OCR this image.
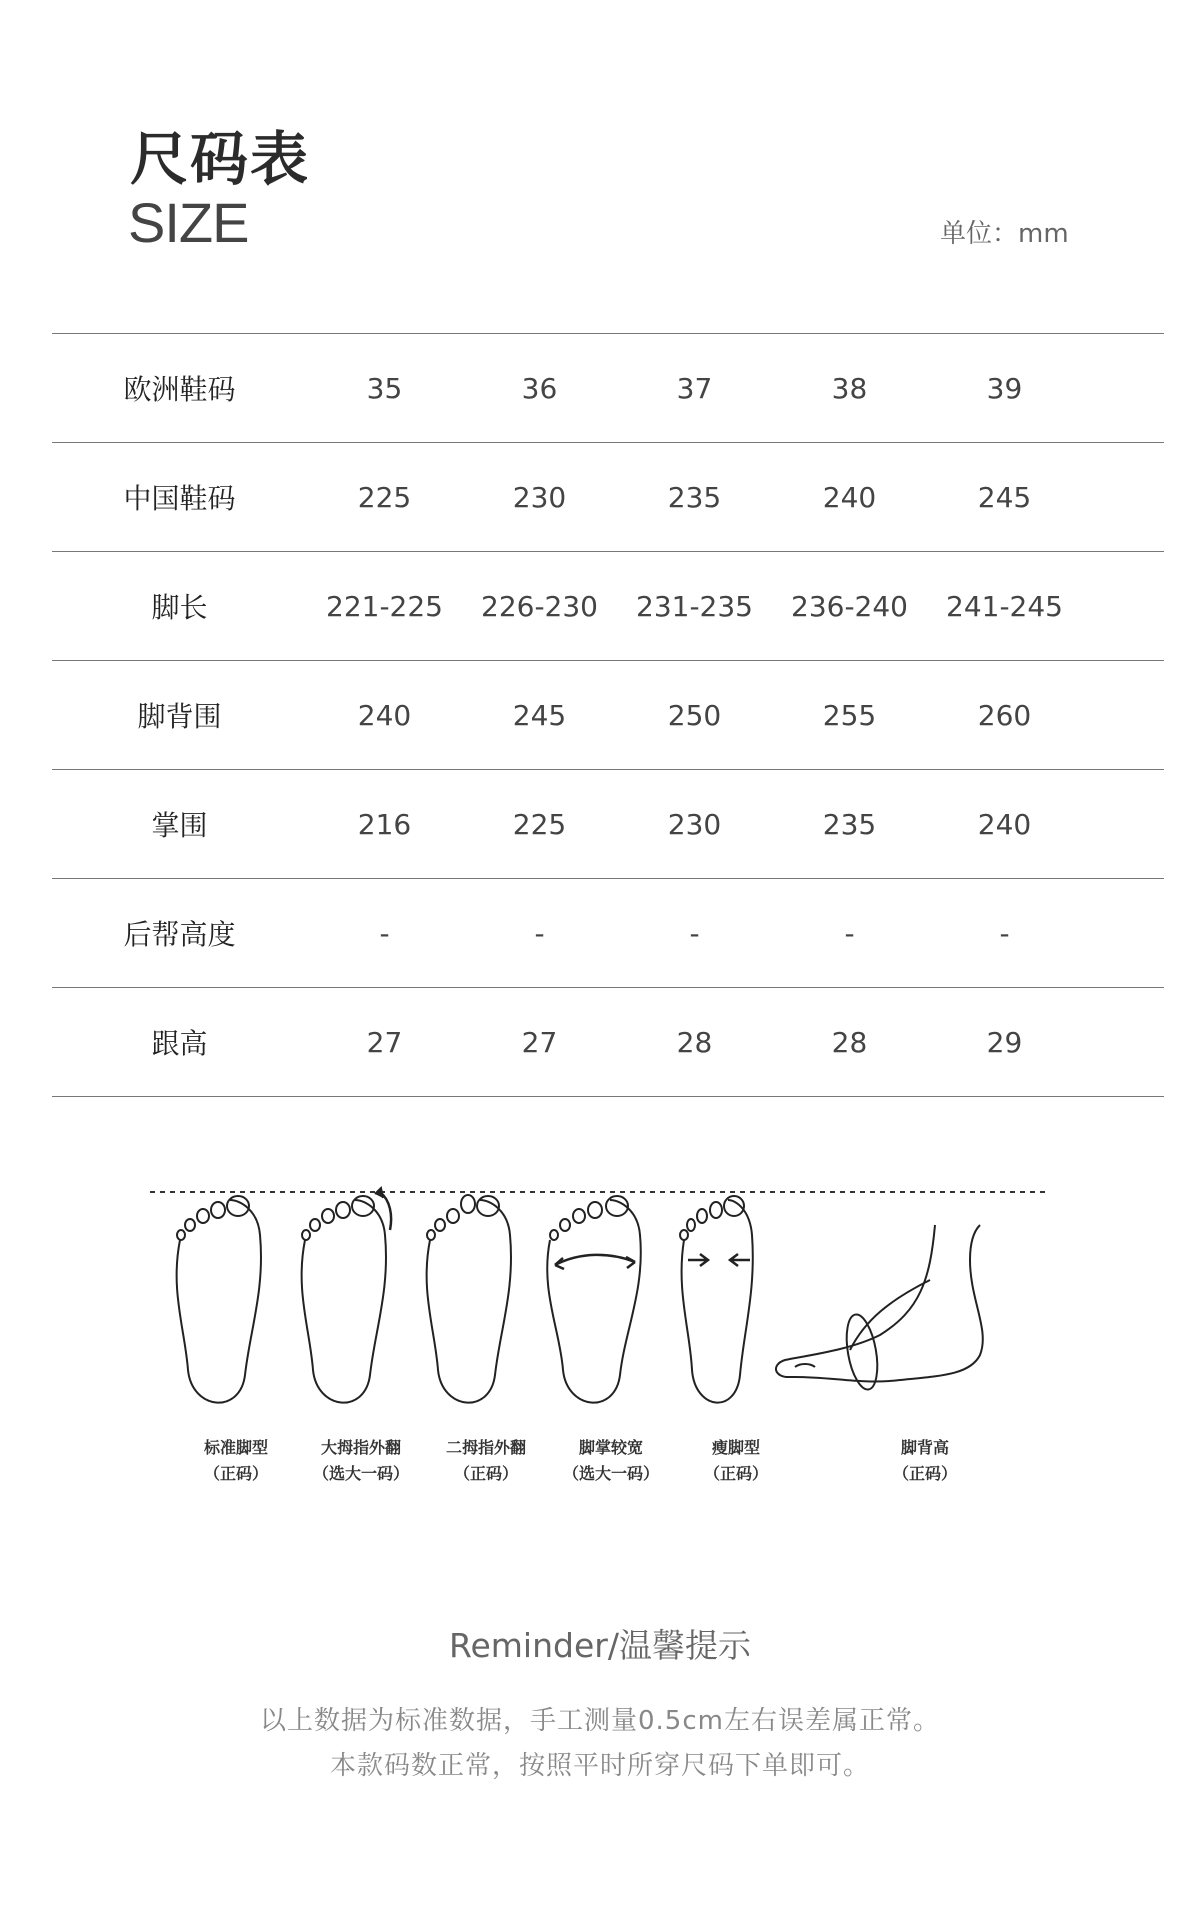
尺码表
SIZE	单位：mm
欧洲鞋码	35	36	37	38	39
中国鞋码	225	230	235	240	245
脚长	221-225	226-230	231-235	236-240	241-245
脚背围	240	245	250	255	260
掌围	216	225	230	235	240
后帮高度	-	-	-	-	-
跟高	27	27	28	28	29
标准脚型
（正码）
大拇指外翻
（选大一码）
二拇指外翻
（正码）
脚掌较宽
（选大一码）
瘦脚型
（正码）
脚背高
（正码）
Reminder/温馨提示
以上数据为标准数据，手工测量0.5cm左右误差属正常。
本款码数正常，按照平时所穿尺码下单即可。
